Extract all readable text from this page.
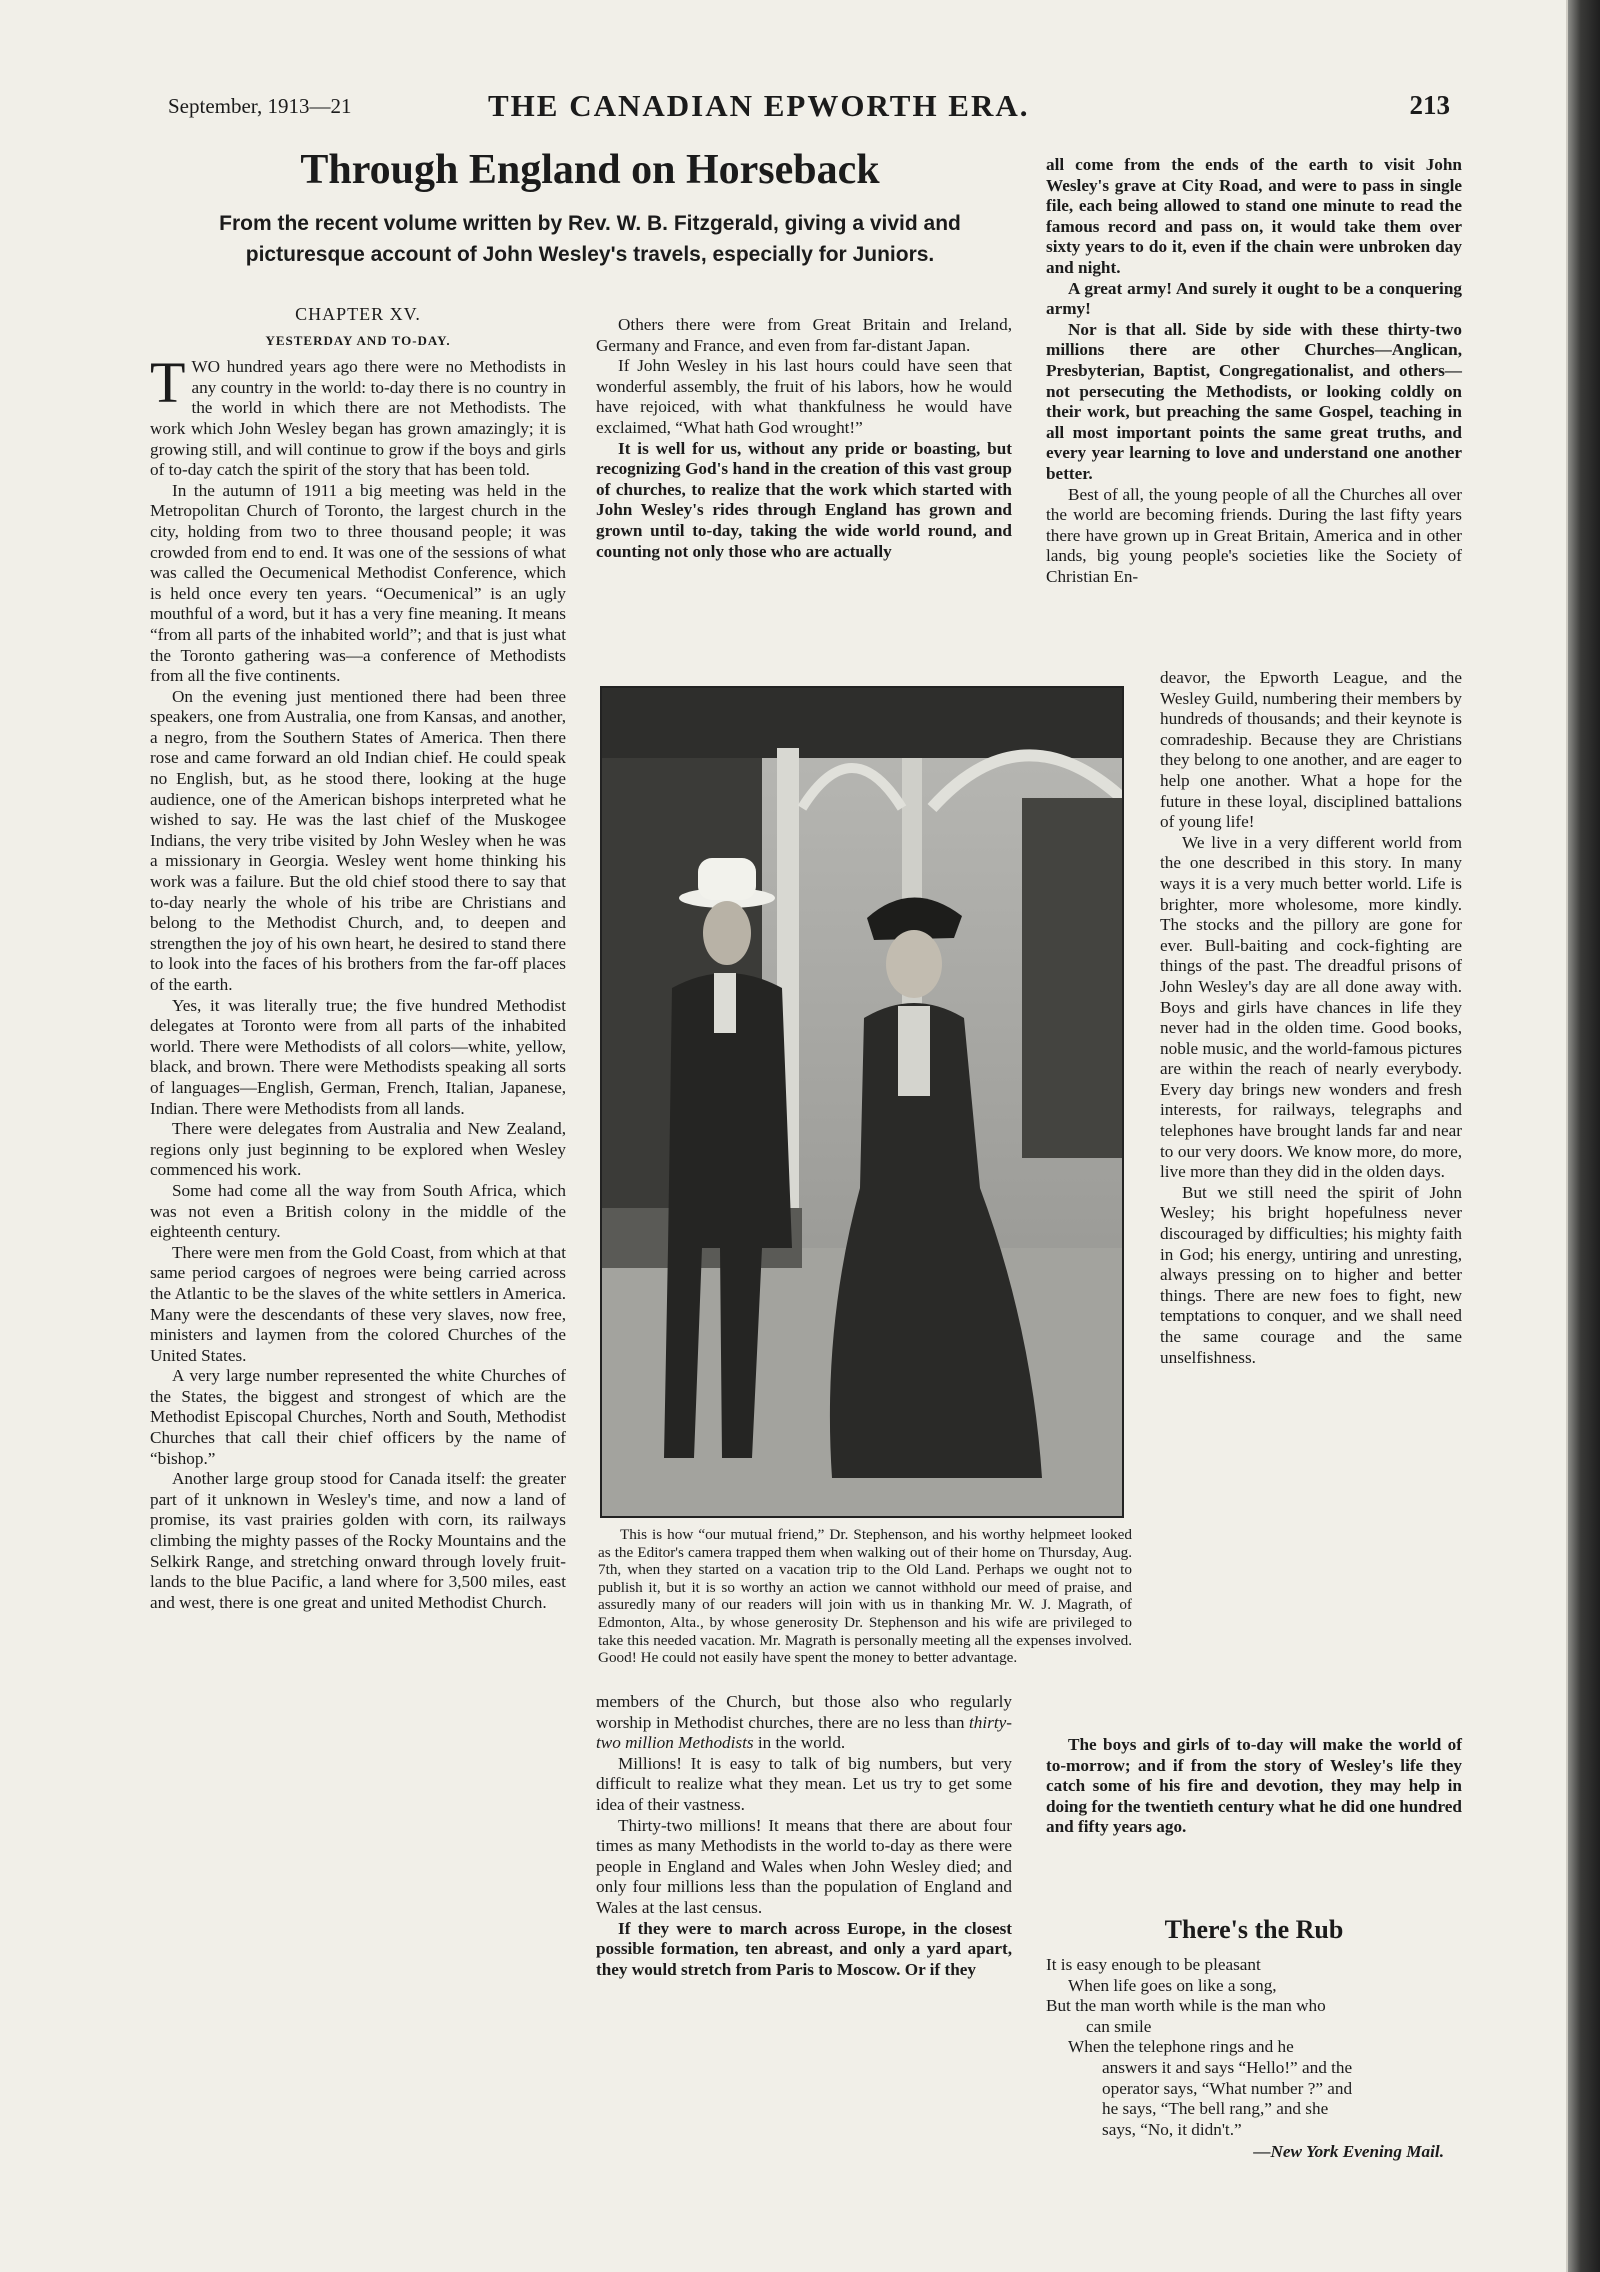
September, 1913—21	THE CANADIAN EPWORTH ERA.	213
Through England on Horseback
From the recent volume written by Rev. W. B. Fitzgerald, giving a vivid and picturesque account of John Wesley's travels, especially for Juniors.
CHAPTER XV.
YESTERDAY AND TO-DAY.

TWO hundred years ago there were no Methodists in any country in the world: to-day there is no country in the world in which there are not Methodists. The work which John Wesley began has grown amazingly; it is growing still, and will continue to grow if the boys and girls of to-day catch the spirit of the story that has been told.

In the autumn of 1911 a big meeting was held in the Metropolitan Church of Toronto, the largest church in the city, holding from two to three thousand people; it was crowded from end to end. It was one of the sessions of what was called the Oecumenical Methodist Conference, which is held once every ten years. “Oecumenical” is an ugly mouthful of a word, but it has a very fine meaning. It means “from all parts of the inhabited world”; and that is just what the Toronto gathering was—a conference of Methodists from all the five continents.

On the evening just mentioned there had been three speakers, one from Australia, one from Kansas, and another, a negro, from the Southern States of America. Then there rose and came forward an old Indian chief. He could speak no English, but, as he stood there, looking at the huge audience, one of the American bishops interpreted what he wished to say. He was the last chief of the Muskogee Indians, the very tribe visited by John Wesley when he was a missionary in Georgia. Wesley went home thinking his work was a failure. But the old chief stood there to say that to-day nearly the whole of his tribe are Christians and belong to the Methodist Church, and, to deepen and strengthen the joy of his own heart, he desired to stand there to look into the faces of his brothers from the far-off places of the earth.

Yes, it was literally true; the five hundred Methodist delegates at Toronto were from all parts of the inhabited world. There were Methodists of all colors—white, yellow, black, and brown. There were Methodists speaking all sorts of languages—English, German, French, Italian, Japanese, Indian. There were Methodists from all lands.

There were delegates from Australia and New Zealand, regions only just beginning to be explored when Wesley commenced his work.

Some had come all the way from South Africa, which was not even a British colony in the middle of the eighteenth century.

There were men from the Gold Coast, from which at that same period cargoes of negroes were being carried across the Atlantic to be the slaves of the white settlers in America. Many were the descendants of these very slaves, now free, ministers and laymen from the colored Churches of the United States.

A very large number represented the white Churches of the States, the biggest and strongest of which are the Methodist Episcopal Churches, North and South, Methodist Churches that call their chief officers by the name of “bishop.”

Another large group stood for Canada itself: the greater part of it unknown in Wesley's time, and now a land of promise, its vast prairies golden with corn, its railways climbing the mighty passes of the Rocky Mountains and the Selkirk Range, and stretching onward through lovely fruit-lands to the blue Pacific, a land where for 3,500 miles, east and west, there is one great and united Methodist Church.

Others there were from Great Britain and Ireland, Germany and France, and even from far-distant Japan.

If John Wesley in his last hours could have seen that wonderful assembly, the fruit of his labors, how he would have rejoiced, with what thankfulness he would have exclaimed, “What hath God wrought!”

It is well for us, without any pride or boasting, but recognizing God's hand in the creation of this vast group of churches, to realize that the work which started with John Wesley's rides through England has grown and grown until to-day, taking the wide world round, and counting not only those who are actually

This is how “our mutual friend,” Dr. Stephenson, and his worthy helpmeet looked as the Editor's camera trapped them when walking out of their home on Thursday, Aug. 7th, when they started on a vacation trip to the Old Land. Perhaps we ought not to publish it, but it is so worthy an action we cannot withhold our meed of praise, and assuredly many of our readers will join with us in thanking Mr. W. J. Magrath, of Edmonton, Alta., by whose generosity Dr. Stephenson and his wife are privileged to take this needed vacation. Mr. Magrath is personally meeting all the expenses involved. Good! He could not easily have spent the money to better advantage.

members of the Church, but those also who regularly worship in Methodist churches, there are no less than thirty-two million Methodists in the world.

Millions! It is easy to talk of big numbers, but very difficult to realize what they mean. Let us try to get some idea of their vastness.

Thirty-two millions! It means that there are about four times as many Methodists in the world to-day as there were people in England and Wales when John Wesley died; and only four millions less than the population of England and Wales at the last census.

If they were to march across Europe, in the closest possible formation, ten abreast, and only a yard apart, they would stretch from Paris to Moscow. Or if they

all come from the ends of the earth to visit John Wesley's grave at City Road, and were to pass in single file, each being allowed to stand one minute to read the famous record and pass on, it would take them over sixty years to do it, even if the chain were unbroken day and night.

A great army! And surely it ought to be a conquering army!

Nor is that all. Side by side with these thirty-two millions there are other Churches—Anglican, Presbyterian, Baptist, Congregationalist, and others—not persecuting the Methodists, or looking coldly on their work, but preaching the same Gospel, teaching in all most important points the same great truths, and every year learning to love and understand one another better.

Best of all, the young people of all the Churches all over the world are becoming friends. During the last fifty years there have grown up in Great Britain, America and in other lands, big young people's societies like the Society of Christian En-

deavor, the Epworth League, and the Wesley Guild, numbering their members by hundreds of thousands; and their keynote is comradeship. Because they are Christians they belong to one another, and are eager to help one another. What a hope for the future in these loyal, disciplined battalions of young life!

We live in a very different world from the one described in this story. In many ways it is a very much better world. Life is brighter, more wholesome, more kindly. The stocks and the pillory are gone for ever. Bull-baiting and cock-fighting are things of the past. The dreadful prisons of John Wesley's day are all done away with. Boys and girls have chances in life they never had in the olden time. Good books, noble music, and the world-famous pictures are within the reach of nearly everybody. Every day brings new wonders and fresh interests, for railways, telegraphs and telephones have brought lands far and near to our very doors. We know more, do more, live more than they did in the olden days.

But we still need the spirit of John Wesley; his bright hopefulness never discouraged by difficulties; his mighty faith in God; his energy, untiring and unresting, always pressing on to higher and better things. There are new foes to fight, new temptations to conquer, and we shall need the same courage and the same unselfishness.

The boys and girls of to-day will make the world of to-morrow; and if from the story of Wesley's life they catch some of his fire and devotion, they may help in doing for the twentieth century what he did one hundred and fifty years ago.

There's the Rub
It is easy enough to be pleasant
When life goes on like a song,
But the man worth while is the man who
can smile
When the telephone rings and he
answers it and says “Hello!” and the
operator says, “What number ?” and
he says, “The bell rang,” and she
says, “No, it didn't.”
—New York Evening Mail.
